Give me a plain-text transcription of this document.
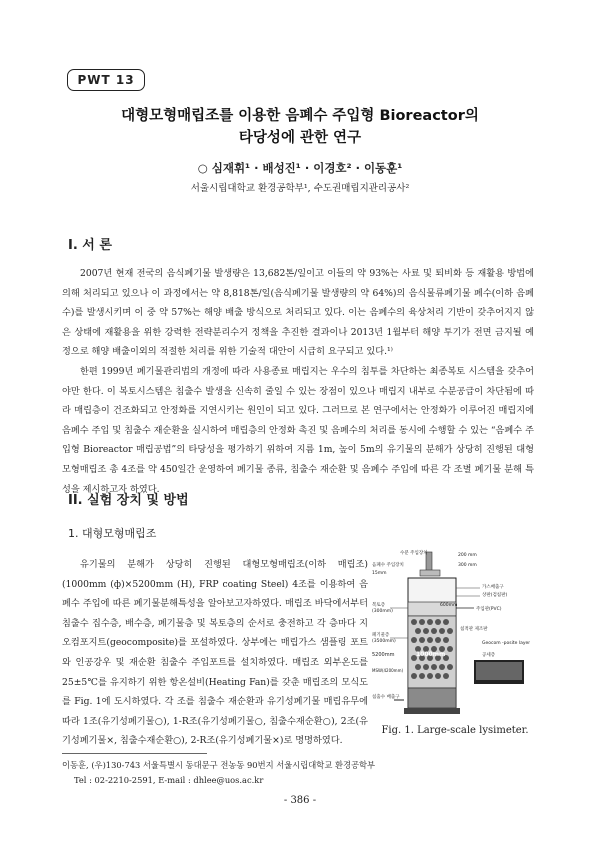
PWT 13
대형모형매립조를 이용한 음폐수 주입형 Bioreactor의
타당성에 관한 연구
○ 심재휘¹ · 배성진¹ · 이경호² · 이동훈¹
서울시립대학교 환경공학부¹, 수도권매립지관리공사²
I. 서 론

2007년 현재 전국의 음식폐기물 발생량은 13,682톤/일이고 이들의 약 93%는 사료 및 퇴비화 등 재활용 방법에 의해 처리되고 있으나 이 과정에서는 약 8,818톤/일(음식폐기물 발생량의 약 64%)의 음식물류폐기물 폐수(이하 음폐수)를 발생시키며 이 중 약 57%는 해양 배출 방식으로 처리되고 있다. 이는 음폐수의 육상처리 기반이 갖추어지지 않은 상태에 재활용을 위한 강력한 전략분리수거 정책을 추진한 결과이나 2013년 1월부터 해양 투기가 전면 금지될 예정으로 해양 배출이외의 적절한 처리를 위한 기술적 대안이 시급히 요구되고 있다.¹⁾

한편 1999년 폐기물관리법의 개정에 따라 사용종료 매립지는 우수의 침투를 차단하는 최종복토 시스템을 갖추어야만 한다. 이 복토시스템은 침출수 발생을 신속히 줄일 수 있는 장점이 있으나 매립지 내부로 수분공급이 차단됨에 따라 매립층이 건조화되고 안정화를 지연시키는 원인이 되고 있다. 그러므로 본 연구에서는 안정화가 이루어진 매립지에 음폐수 주입 및 침출수 재순환을 실시하여 매립층의 안정화 촉진 및 음폐수의 처리를 동시에 수행할 수 있는 “음폐수 주입형 Bioreactor 매립공법”의 타당성을 평가하기 위하여 지름 1m, 높이 5m의 유기물의 분해가 상당히 진행된 대형모형매립조 총 4조를 약 450일간 운영하여 폐기물 종류, 침출수 재순환 및 음폐수 주입에 따른 각 조별 폐기물 분해 특성을 제시하고자 하였다.

II. 실험 장치 및 방법
1. 대형모형매립조

유기물의 분해가 상당히 진행된 대형모형매립조(이하 매립조) (1000mm (ф)×5200mm (H), FRP coating Steel) 4조를 이용하여 음폐수 주입에 따른 폐기물분해특성을 알아보고자하였다. 매립조 바닥에서부터 침출수 집수층, 배수층, 폐기물층 및 복토층의 순서로 충전하고 각 층마다 지오컴포지트(geocomposite)를 포설하였다. 상부에는 매립가스 샘플링 포트와 인공강우 및 재순환 침출수 주입포트를 설치하였다. 매립조 외부온도를 25±5℃를 유지하기 위한 항온설비(Heating Fan)를 갖춘 매립조의 모식도를 Fig. 1에 도시하였다. 각 조를 침출수 재순환과 유기성폐기물 매립유무에 따라 1조(유기성폐기물○), 1-R조(유기성폐기물○, 침출수재순환○), 2조(유기성폐기물×, 침출수재순환○), 2-R조(유기성폐기물×)로 명명하였다.

수분 주입장치	200 mm
300 mm
음폐수 주입장치
15mm
가스배출구
상판(검침판)
복토층
(300mm)
600mm
주입관(PVC)
폐기물층
(3500mm)
침적관 제조판
Geocom -posite layer
5200mm	1000mm
MSW(4200mm)
공세층
침출수 배출구
Fig. 1. Large-scale lysimeter.
이동훈, (우)130-743 서울특별시 동대문구 전농동 90번지 서울시립대학교 환경공학부
Tel : 02-2210-2591, E-mail : dhlee@uos.ac.kr
- 386 -
